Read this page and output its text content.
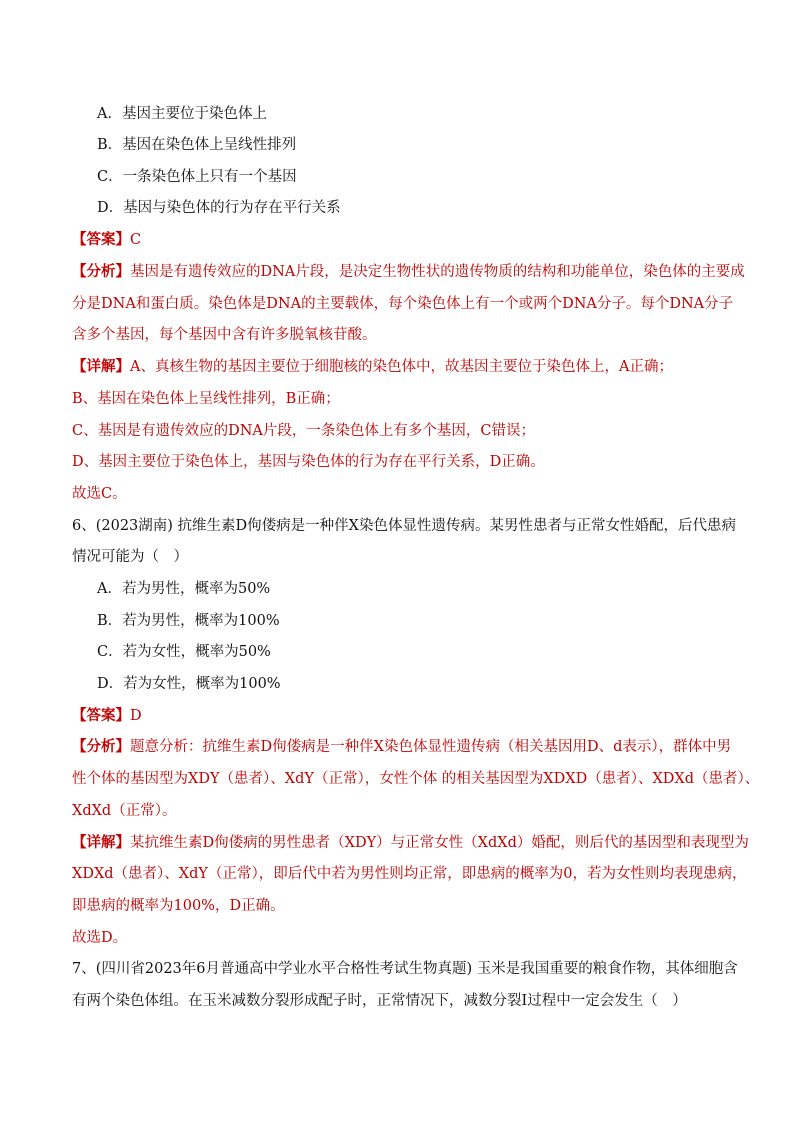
A．基因主要位于染色体上
B．基因在染色体上呈线性排列
C．一条染色体上只有一个基因
D．基因与染色体的行为存在平行关系
【答案】C
【分析】基因是有遗传效应的DNA片段，是决定生物性状的遗传物质的结构和功能单位，染色体的主要成
分是DNA和蛋白质。染色体是DNA的主要载体，每个染色体上有一个或两个DNA分子。每个DNA分子
含多个基因，每个基因中含有许多脱氧核苷酸。
【详解】A、真核生物的基因主要位于细胞核的染色体中，故基因主要位于染色体上，A正确；
B、基因在染色体上呈线性排列，B正确；
C、基因是有遗传效应的DNA片段，一条染色体上有多个基因，C错误；
D、基因主要位于染色体上，基因与染色体的行为存在平行关系，D正确。
故选C。
6、(2023湖南) 抗维生素D佝偻病是一种伴X染色体显性遗传病。某男性患者与正常女性婚配，后代患病
情况可能为（　）
A．若为男性，概率为50%
B．若为男性，概率为100%
C．若为女性，概率为50%
D．若为女性，概率为100%
【答案】D
【分析】题意分析：抗维生素D佝偻病是一种伴X染色体显性遗传病（相关基因用D、d表示），群体中男
性个体的基因型为XDY（患者）、XdY（正常），女性个体 的相关基因型为XDXD（患者）、XDXd（患者）、
XdXd（正常）。
【详解】某抗维生素D佝偻病的男性患者（XDY）与正常女性（XdXd）婚配，则后代的基因型和表现型为
XDXd（患者）、XdY（正常），即后代中若为男性则均正常，即患病的概率为0，若为女性则均表现患病，
即患病的概率为100%，D正确。
故选D。
7、(四川省2023年6月普通高中学业水平合格性考试生物真题) 玉米是我国重要的粮食作物，其体细胞含
有两个染色体组。在玉米减数分裂形成配子时，正常情况下，减数分裂Ⅰ过程中一定会发生（　）
